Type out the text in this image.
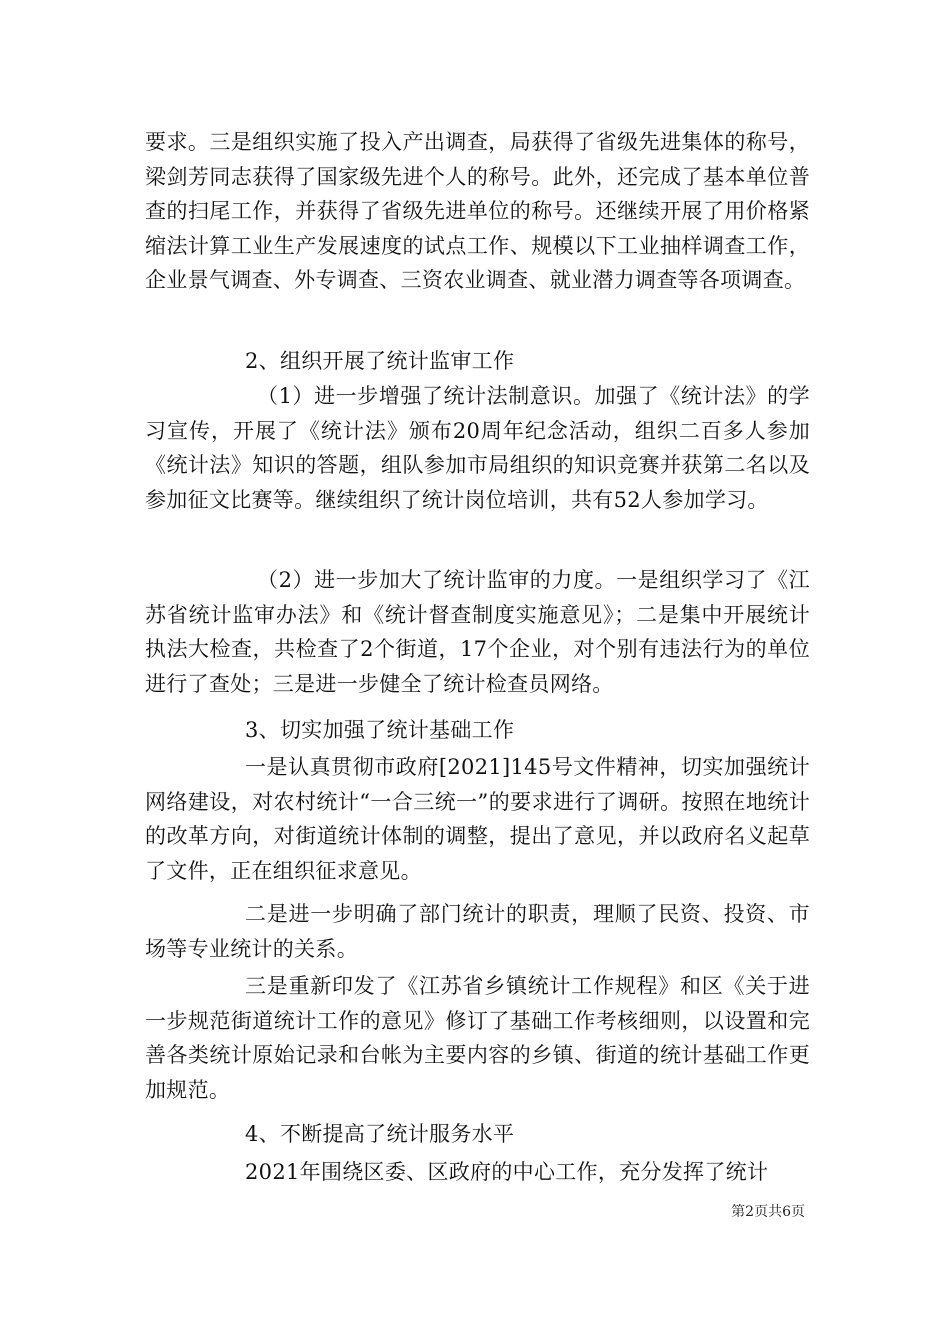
要求。三是组织实施了投入产出调查，局获得了省级先进集体的称号，梁剑芳同志获得了国家级先进个人的称号。此外，还完成了基本单位普查的扫尾工作，并获得了省级先进单位的称号。还继续开展了用价格紧缩法计算工业生产发展速度的试点工作、规模以下工业抽样调查工作，企业景气调查、外专调查、三资农业调查、就业潜力调查等各项调查。

2、组织开展了统计监审工作

（1）进一步增强了统计法制意识。加强了《统计法》的学习宣传，开展了《统计法》颁布20周年纪念活动，组织二百多人参加《统计法》知识的答题，组队参加市局组织的知识竞赛并获第二名以及参加征文比赛等。继续组织了统计岗位培训，共有52人参加学习。

（2）进一步加大了统计监审的力度。一是组织学习了《江苏省统计监审办法》和《统计督查制度实施意见》；二是集中开展统计执法大检查，共检查了2个街道，17个企业，对个别有违法行为的单位进行了查处；三是进一步健全了统计检查员网络。

3、切实加强了统计基础工作

一是认真贯彻市政府[2021]145号文件精神，切实加强统计网络建设，对农村统计“一合三统一”的要求进行了调研。按照在地统计的改革方向，对街道统计体制的调整，提出了意见，并以政府名义起草了文件，正在组织征求意见。

二是进一步明确了部门统计的职责，理顺了民资、投资、市场等专业统计的关系。

三是重新印发了《江苏省乡镇统计工作规程》和区《关于进一步规范街道统计工作的意见》修订了基础工作考核细则，以设置和完善各类统计原始记录和台帐为主要内容的乡镇、街道的统计基础工作更加规范。

4、不断提高了统计服务水平

2021年围绕区委、区政府的中心工作，充分发挥了统计

第2页共6页
